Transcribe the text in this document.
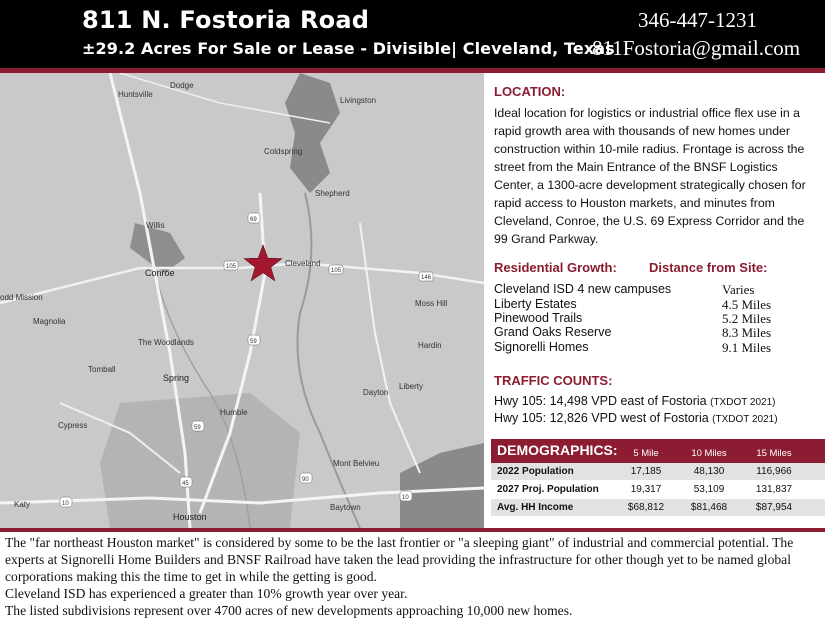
811 N. Fostoria Road
±29.2 Acres For Sale or Lease - Divisible| Cleveland, Texas
346-447-1231
811Fostoria@gmail.com
Dodge
Huntsville
Livingston
Coldspring
Willis
Shepherd
Conroe
Cleveland
odd Mission
Moss Hill
Magnolia
The Woodlands	Hardin
Tomball
Spring
Liberty
Dayton
Cypress
Humble
Mont Belvieu
Katy
Houston
Baytown
105
105
146
59
59
45
10
10
90
69
LOCATION:
Ideal location for logistics or industrial office flex use in a rapid growth area with thousands of new homes under construction within 10-mile radius. Frontage is across the street from the Main Entrance of the BNSF Logistics Center, a 1300-acre development strategically chosen for rapid access to Houston markets, and minutes from Cleveland, Conroe, the U.S. 69 Express Corridor and the 99 Grand Parkway.
Residential Growth: Distance from Site:
Cleveland ISD 4 new campuses	Varies
Liberty Estates	4.5 Miles
Pinewood Trails	5.2 Miles
Grand Oaks Reserve	8.3 Miles
Signorelli Homes	9.1 Miles
TRAFFIC COUNTS:
Hwy 105: 14,498 VPD east of Fostoria (TXDOT 2021)
Hwy 105: 12,826 VPD west of Fostoria (TXDOT 2021)
DEMOGRAPHICS:	5 Mile	10 Miles	15 Miles
2022 Population	17,185	48,130	116,966
2027 Proj. Population	19,317	53,109	131,837
Avg. HH Income	$68,812	$81,468	$87,954

The "far northeast Houston market" is considered by some to be the last frontier or "a sleeping giant" of industrial and commercial potential. The experts at Signorelli Home Builders and BNSF Railroad have taken the lead providing the infrastructure for other though yet to be named global corporations making this the time to get in while the getting is good.

Cleveland ISD has experienced a greater than 10% growth year over year.

The listed subdivisions represent over 4700 acres of new developments approaching 10,000 new homes.
